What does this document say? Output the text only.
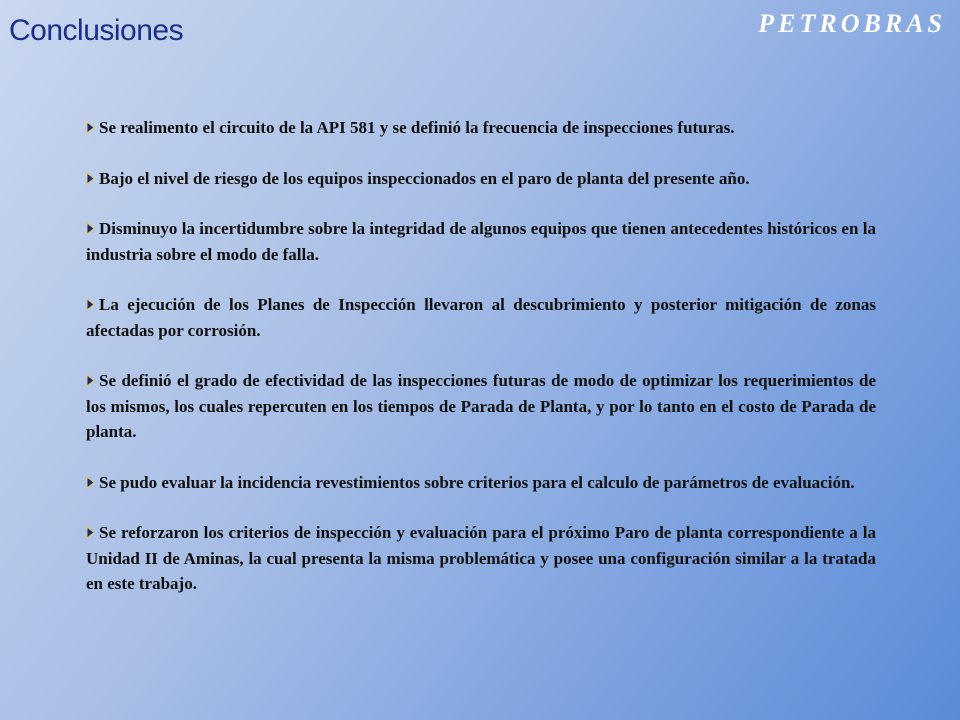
Conclusiones	PETROBRAS
Se realimento el circuito de la API 581 y se definió la frecuencia de inspecciones futuras.
Bajo el nivel de riesgo de los equipos inspeccionados en el paro de planta del presente año.
Disminuyo la incertidumbre sobre la integridad de algunos equipos que tienen antecedentes históricos en la industria sobre el modo de falla.
La ejecución de los Planes de Inspección llevaron al descubrimiento y posterior mitigación de zonas afectadas por corrosión.
Se definió el grado de efectividad de las inspecciones futuras de modo de optimizar los requerimientos de los mismos, los cuales repercuten en los tiempos de Parada de Planta, y por lo tanto en el costo de Parada de planta.
Se pudo evaluar la incidencia revestimientos sobre criterios para el calculo de parámetros de evaluación.
Se reforzaron los criterios de inspección y evaluación para el próximo Paro de planta correspondiente a la Unidad II de Aminas, la cual presenta la misma problemática y posee una configuración similar a la tratada en este trabajo.
